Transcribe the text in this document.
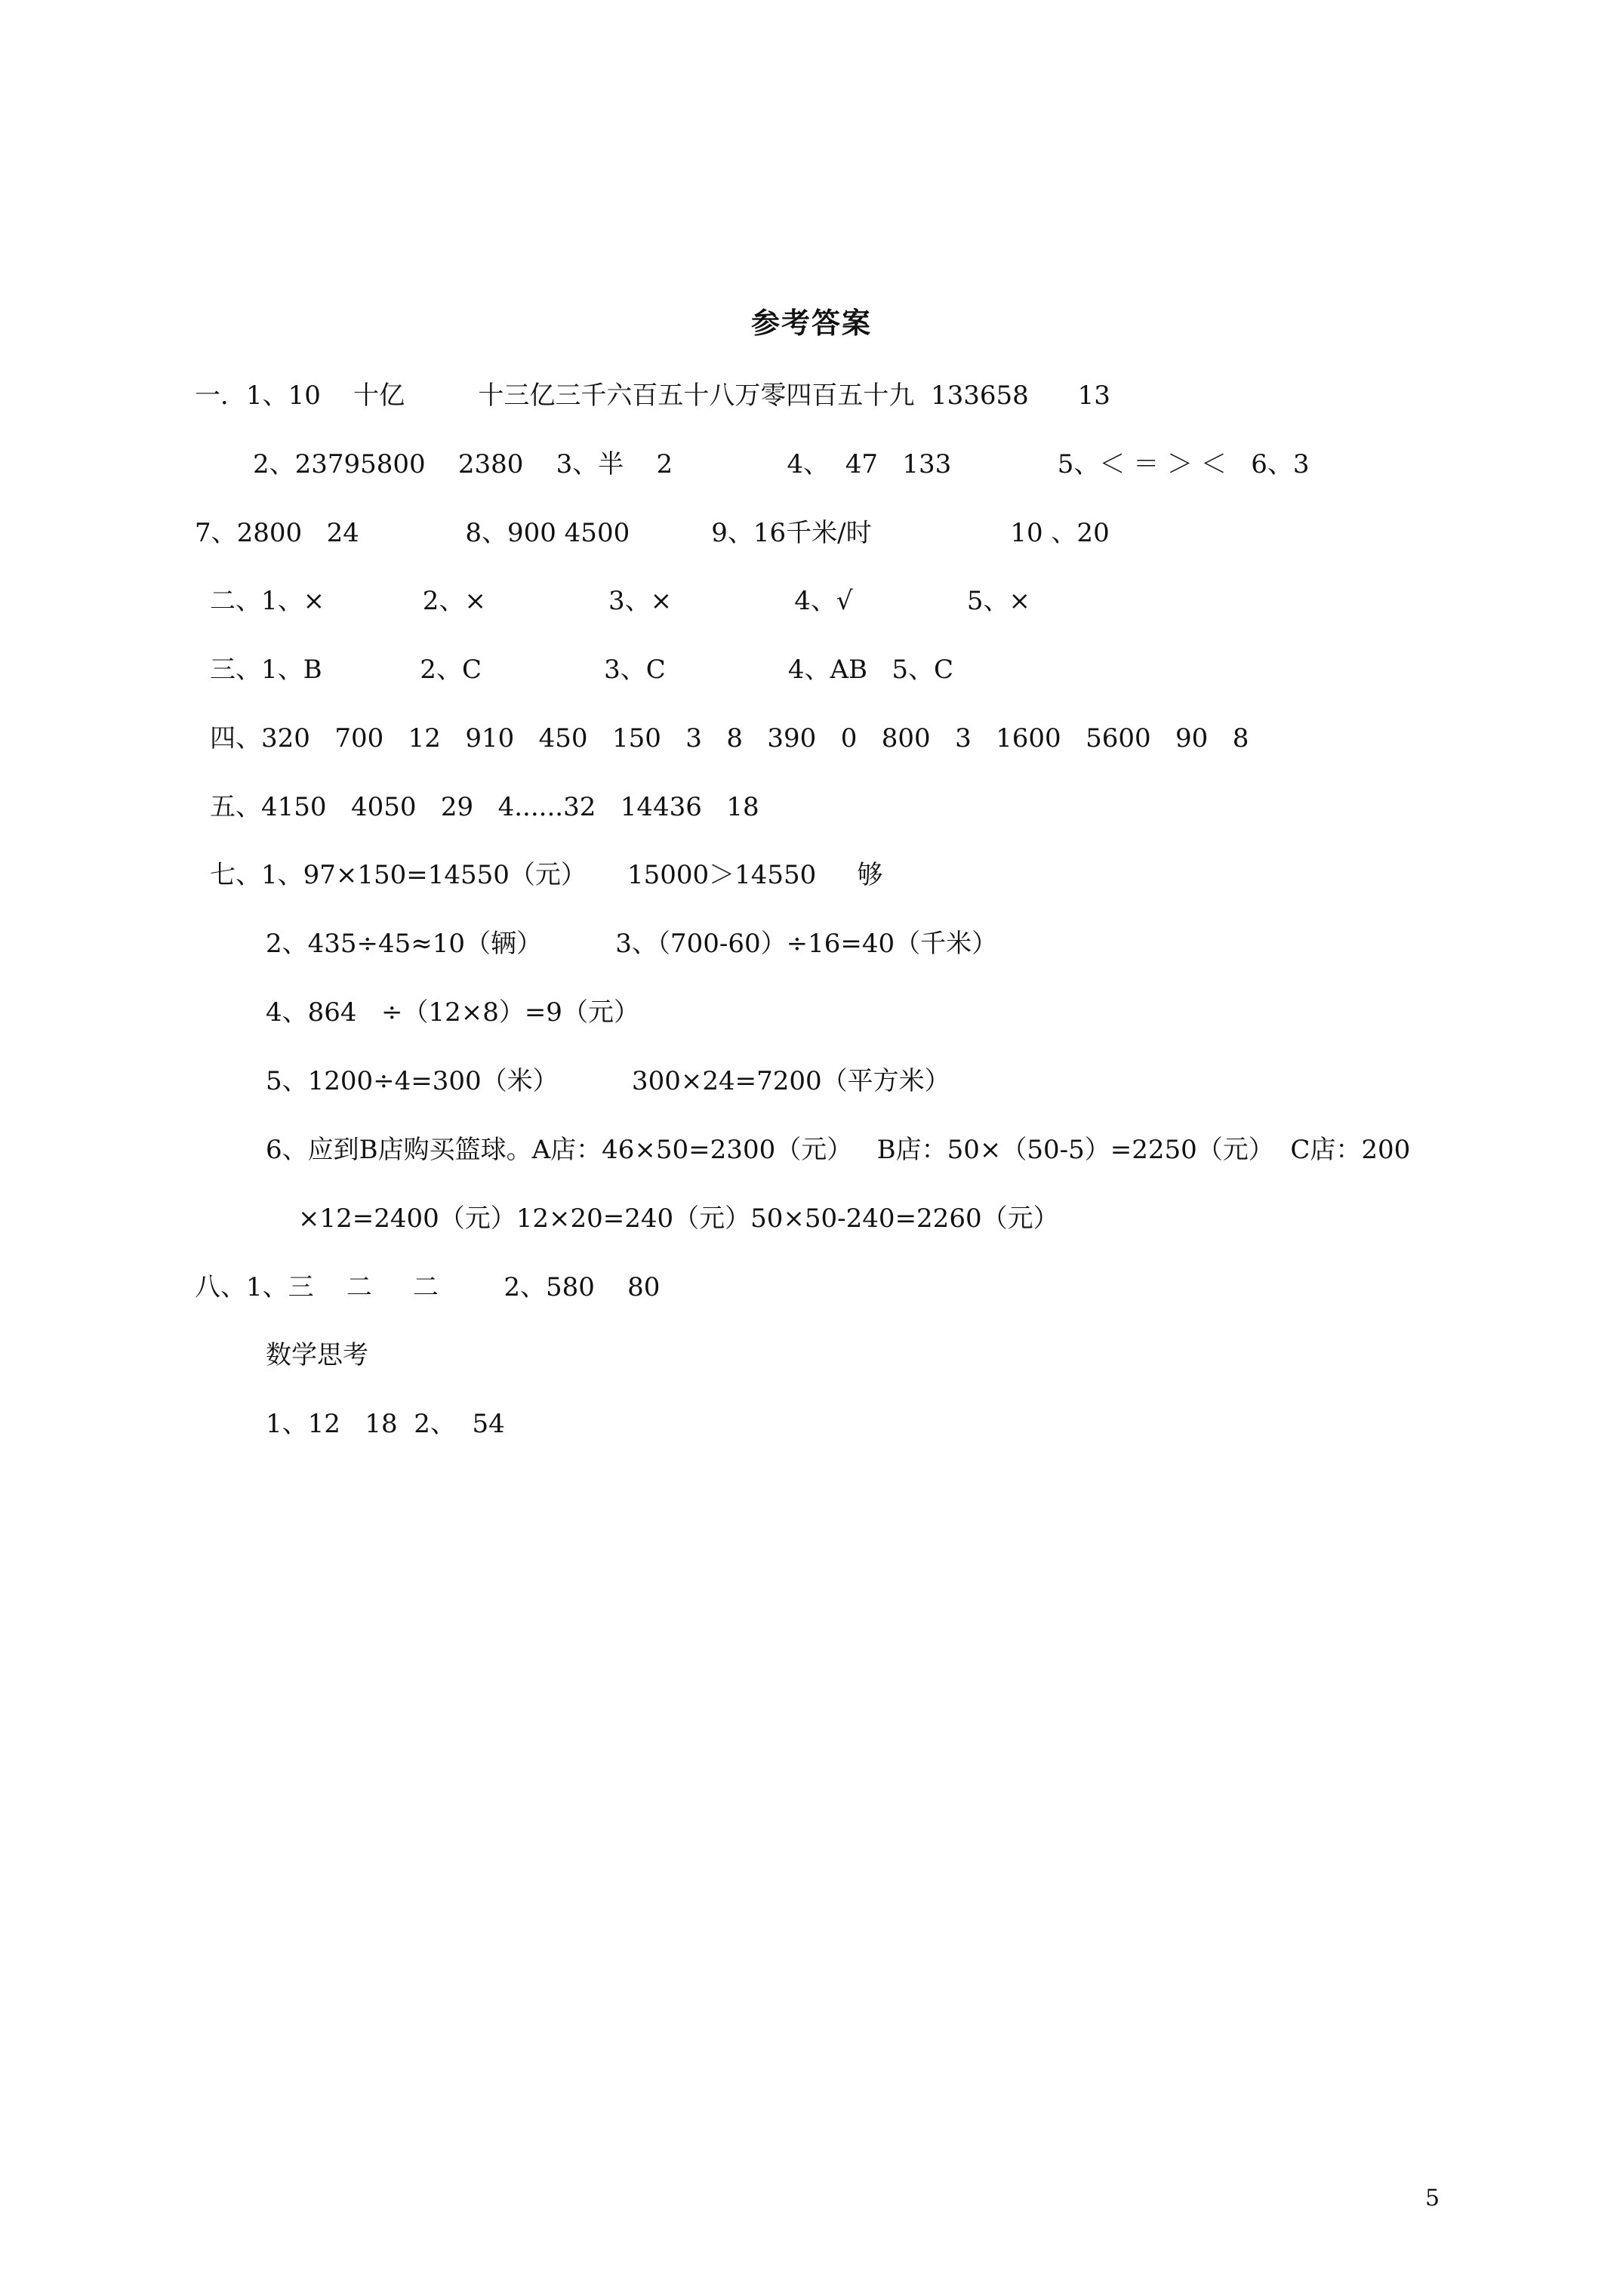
参考答案
一．1、10    十亿         十三亿三千六百五十八万零四百五十九  133658      13
2、23795800    2380    3、半    2              4、  47   133             5、＜ ＝ ＞ ＜   6、3
7、2800   24             8、900 4500          9、16千米/时                 10 、20
二、1、×            2、×               3、×               4、√              5、×
三、1、B            2、C               3、C               4、AB   5、C
四、320   700   12   910   450   150   3   8   390   0   800   3   1600   5600   90   8
五、4150   4050   29   4......32   14436   18
七、1、97×150=14550（元）     15000＞14550     够
2、435÷45≈10（辆）         3、（700-60）÷16=40（千米）
4、864   ÷（12×8）=9（元）
5、1200÷4=300（米）         300×24=7200（平方米）
6、应到B店购买篮球。A店：46×50=2300（元）   B店：50×（50-5）=2250（元）  C店：200
×12=2400（元）12×20=240（元）50×50-240=2260（元）
八、1、三    二     二        2、580    80
数学思考
1、12   18  2、  54
5
